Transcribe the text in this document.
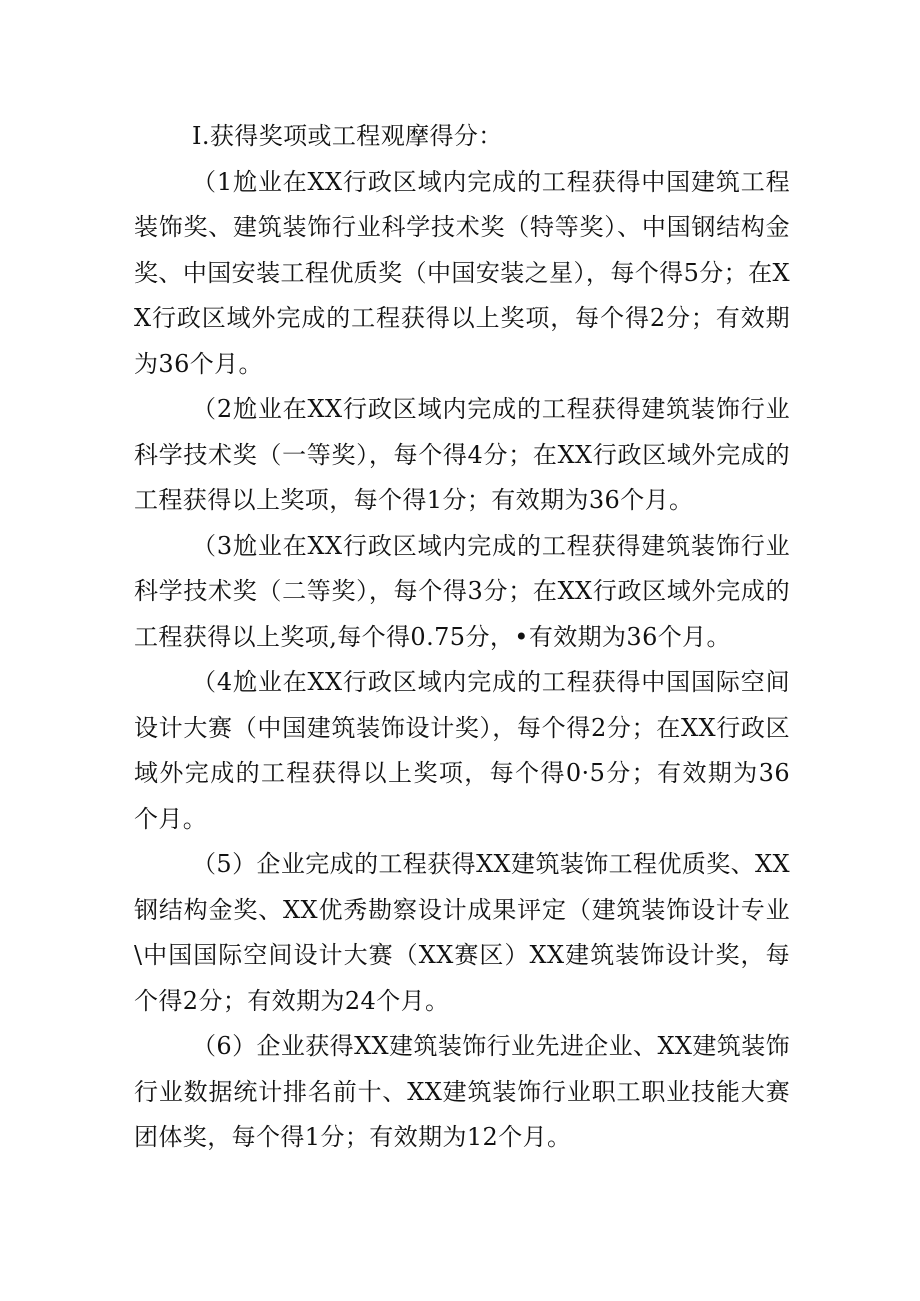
I.获得奖项或工程观摩得分：

（1尬业在XX行政区域内完成的工程获得中国建筑工程装饰奖、建筑装饰行业科学技术奖（特等奖）、中国钢结构金奖、中国安装工程优质奖（中国安装之星），每个得5分；在XX行政区域外完成的工程获得以上奖项，每个得2分；有效期为36个月。

（2尬业在XX行政区域内完成的工程获得建筑装饰行业科学技术奖（一等奖），每个得4分；在XX行政区域外完成的工程获得以上奖项，每个得1分；有效期为36个月。

（3尬业在XX行政区域内完成的工程获得建筑装饰行业科学技术奖（二等奖），每个得3分；在XX行政区域外完成的工程获得以上奖项,每个得0.75分，•有效期为36个月。

（4尬业在XX行政区域内完成的工程获得中国国际空间设计大赛（中国建筑装饰设计奖），每个得2分；在XX行政区域外完成的工程获得以上奖项，每个得0·5分；有效期为36个月。

（5）企业完成的工程获得XX建筑装饰工程优质奖、XX钢结构金奖、XX优秀勘察设计成果评定（建筑装饰设计专业\中国国际空间设计大赛（XX赛区）XX建筑装饰设计奖，每个得2分；有效期为24个月。

（6）企业获得XX建筑装饰行业先进企业、XX建筑装饰行业数据统计排名前十、XX建筑装饰行业职工职业技能大赛团体奖，每个得1分；有效期为12个月。
